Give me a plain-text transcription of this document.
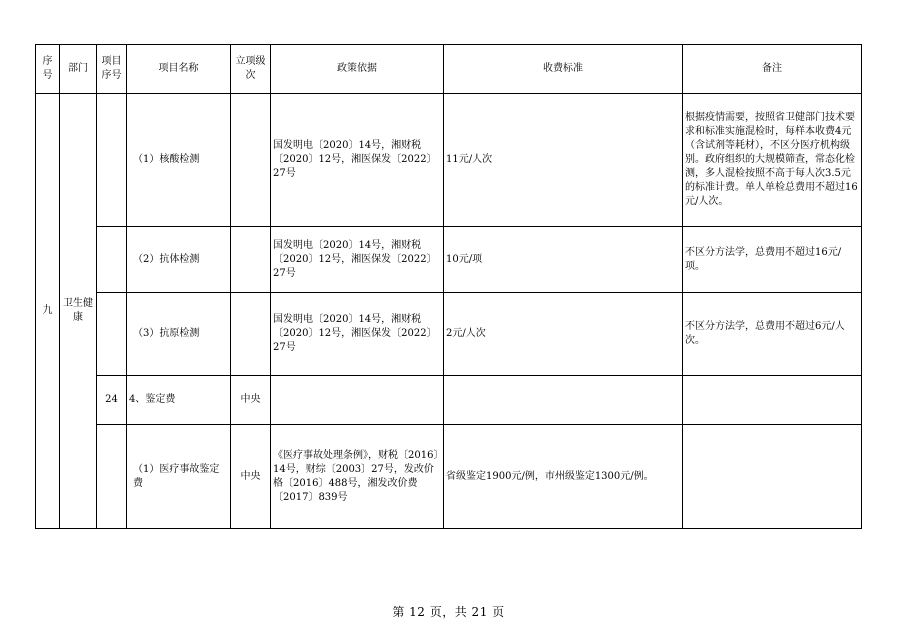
序号	部门	项目序号	项目名称	立项级次	政策依据	收费标准	备注
九	卫生健康		（1）核酸检测		国发明电〔2020〕14号，湘财税〔2020〕12号，湘医保发〔2022〕27号	11元/人次	根据疫情需要，按照省卫健部门技术要求和标准实施混检时，每样本收费4元（含试剂等耗材），不区分医疗机构级别。政府组织的大规模筛查，常态化检测，多人混检按照不高于每人次3.5元的标准计费。单人单检总费用不超过16元/人次。
			（2）抗体检测		国发明电〔2020〕14号，湘财税〔2020〕12号，湘医保发〔2022〕27号	10元/项	不区分方法学，总费用不超过16元/项。
			（3）抗原检测		国发明电〔2020〕14号，湘财税〔2020〕12号，湘医保发〔2022〕27号	2元/人次	不区分方法学，总费用不超过6元/人次。
		24	4、鉴定费	中央			
			（1）医疗事故鉴定费	中央	《医疗事故处理条例》，财税〔2016〕14号，财综〔2003〕27号，发改价格〔2016〕488号，湘发改价费〔2017〕839号	省级鉴定1900元/例，市州级鉴定1300元/例。	
第 12 页，共 21 页
